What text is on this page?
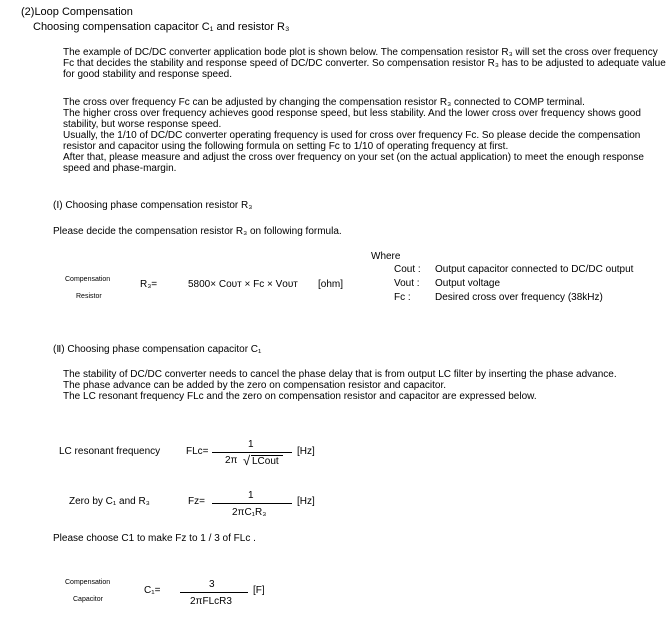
(2)Loop Compensation
Choosing compensation capacitor C₁ and resistor R₃
The example of DC/DC converter application bode plot is shown below. The compensation resistor R₃ will set the cross over frequency
Fc that decides the stability and response speed of DC/DC converter. So compensation resistor R₃ has to be adjusted to adequate value
for good stability and response speed.
The cross over frequency Fc can be adjusted by changing the compensation resistor R₃ connected to COMP terminal.
The higher cross over frequency achieves good response speed, but less stability. And the lower cross over frequency shows good
stability, but worse response speed.
Usually, the 1/10 of DC/DC converter operating frequency is used for cross over frequency Fc. So please decide the compensation
resistor and capacitor using the following formula on setting Fc to 1/10 of operating frequency at first.
After that, please measure and adjust the cross over frequency on your set (on the actual application) to meet the enough response
speed and phase-margin.
(Ⅰ) Choosing phase compensation resistor R₃
Please decide the compensation resistor R₃ on following formula.
Where
Cout : Output capacitor connected to DC/DC output
Vout : Output voltage
Fc : Desired cross over frequency (38kHz)
Compensation
Resistor
R₃=	5800× Cᴏᴜᴛ × Fc × Vᴏᴜᴛ [ohm]
(Ⅱ) Choosing phase compensation capacitor C₁
The stability of DC/DC converter needs to cancel the phase delay that is from output LC filter by inserting the phase advance.
The phase advance can be added by the zero on compensation resistor and capacitor.
The LC resonant frequency FLc and the zero on compensation resistor and capacitor are expressed below.
LC resonant frequency	FLc=
1
2π √ LCout
[Hz]
Zero by C₁ and R₃	Fz=
1
2πC₁R₃
[Hz]
Please choose C1 to make Fz to 1 / 3 of FLc .
Compensation
Capacitor
C₁=
3
2πFLcR3
[F]
